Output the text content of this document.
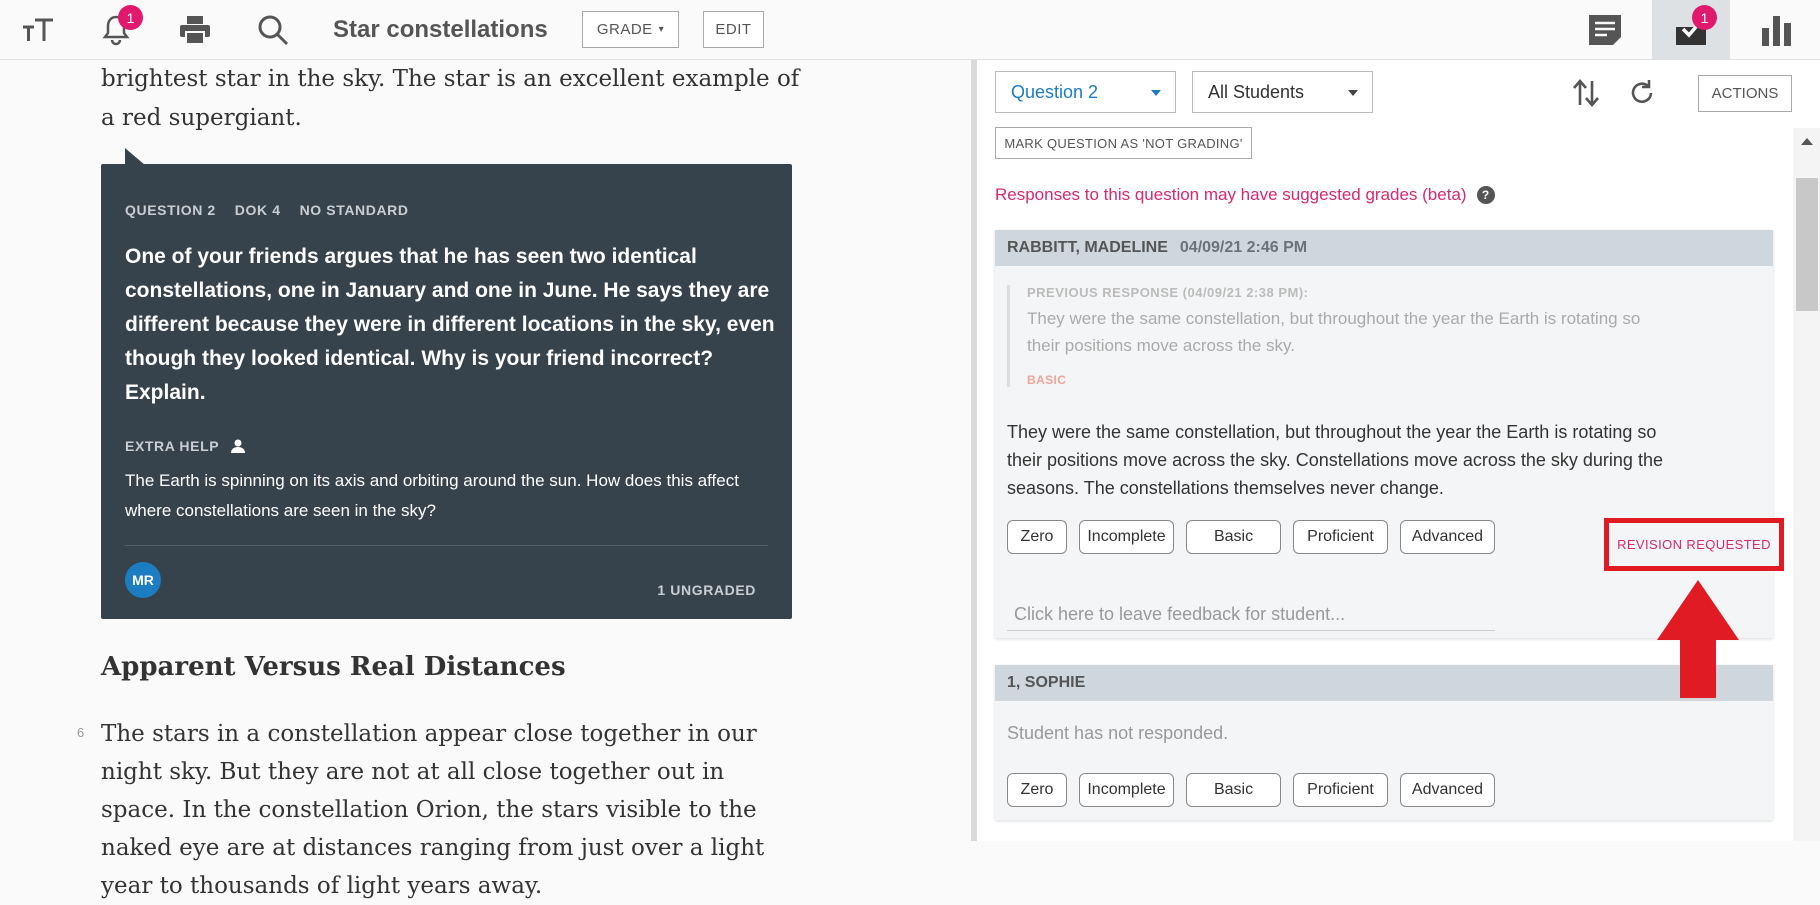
1	Star constellations	GRADE ▾	EDIT
1
brightest star in the sky. The star is an excellent example of a red supergiant.
QUESTION 2 DOK 4 NO STANDARD
One of your friends argues that he has seen two identical constellations, one in January and one in June. He says they are different because they were in different locations in the sky, even though they looked identical. Why is your friend incorrect? Explain.
EXTRA HELP
The Earth is spinning on its axis and orbiting around the sun. How does this affect where constellations are seen in the sky?
MR
1 UNGRADED
Apparent Versus Real Distances
6 The stars in a constellation appear close together in our night sky. But they are not at all close together out in space. In the constellation Orion, the stars visible to the naked eye are at distances ranging from just over a light year to thousands of light years away.
Question 2	All Students	ACTIONS
MARK QUESTION AS 'NOT GRADING'
Responses to this question may have suggested grades (beta)	?
RABBITT, MADELINE 04/09/21 2:46 PM
PREVIOUS RESPONSE (04/09/21 2:38 PM):
They were the same constellation, but throughout the year the Earth is rotating so their positions move across the sky.
BASIC
They were the same constellation, but throughout the year the Earth is rotating so their positions move across the sky. Constellations move across the sky during the seasons. The constellations themselves never change.
Zero	Incomplete	Basic	Proficient	Advanced	REVISION REQUESTED
Click here to leave feedback for student...
1, SOPHIE
Student has not responded.
Zero	Incomplete	Basic	Proficient	Advanced
